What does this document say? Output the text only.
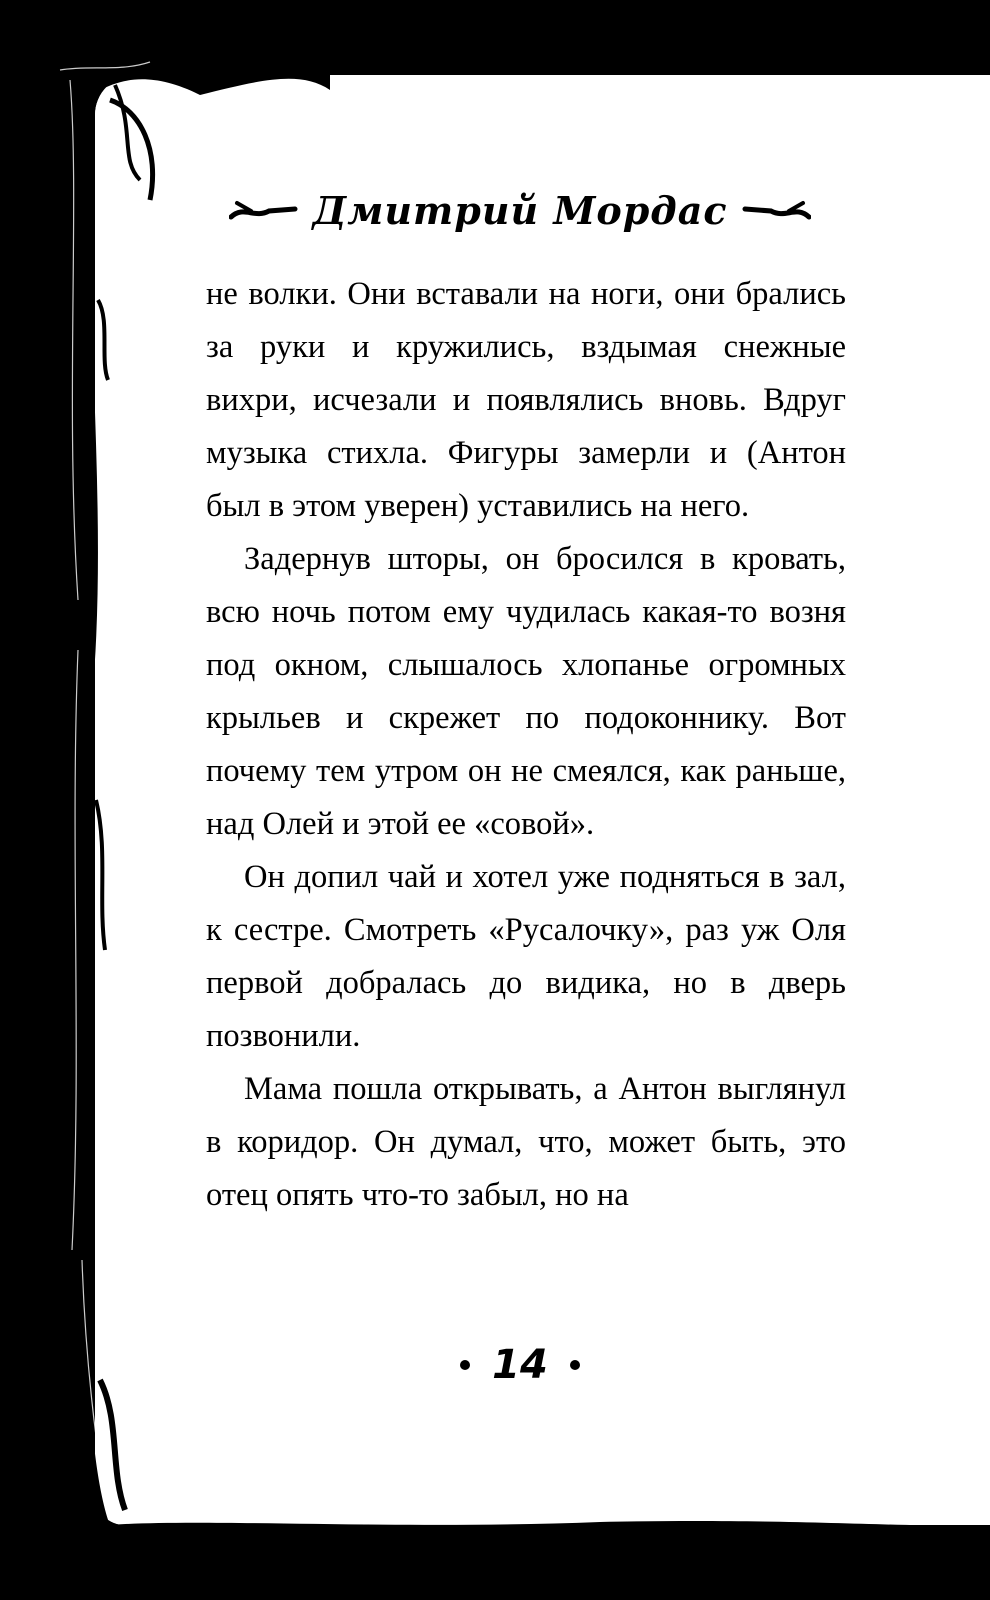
Дмитрий Мордас

не волки. Они вставали на ноги, они брались за руки и кружились, вздымая снежные вихри, исчезали и появлялись вновь. Вдруг музыка стихла. Фигуры замерли и (Антон был в этом уверен) уставились на него.

Задернув шторы, он бросился в кровать, всю ночь потом ему чудилась какая-то возня под окном, слышалось хлопанье огромных крыльев и скрежет по подоконнику. Вот почему тем утром он не смеялся, как раньше, над Олей и этой ее «совой».

Он допил чай и хотел уже подняться в зал, к сестре. Смотреть «Русалочку», раз уж Оля первой добралась до видика, но в дверь позвонили.

Мама пошла открывать, а Антон выглянул в коридор. Он думал, что, может быть, это отец опять что-то забыл, но на

14
